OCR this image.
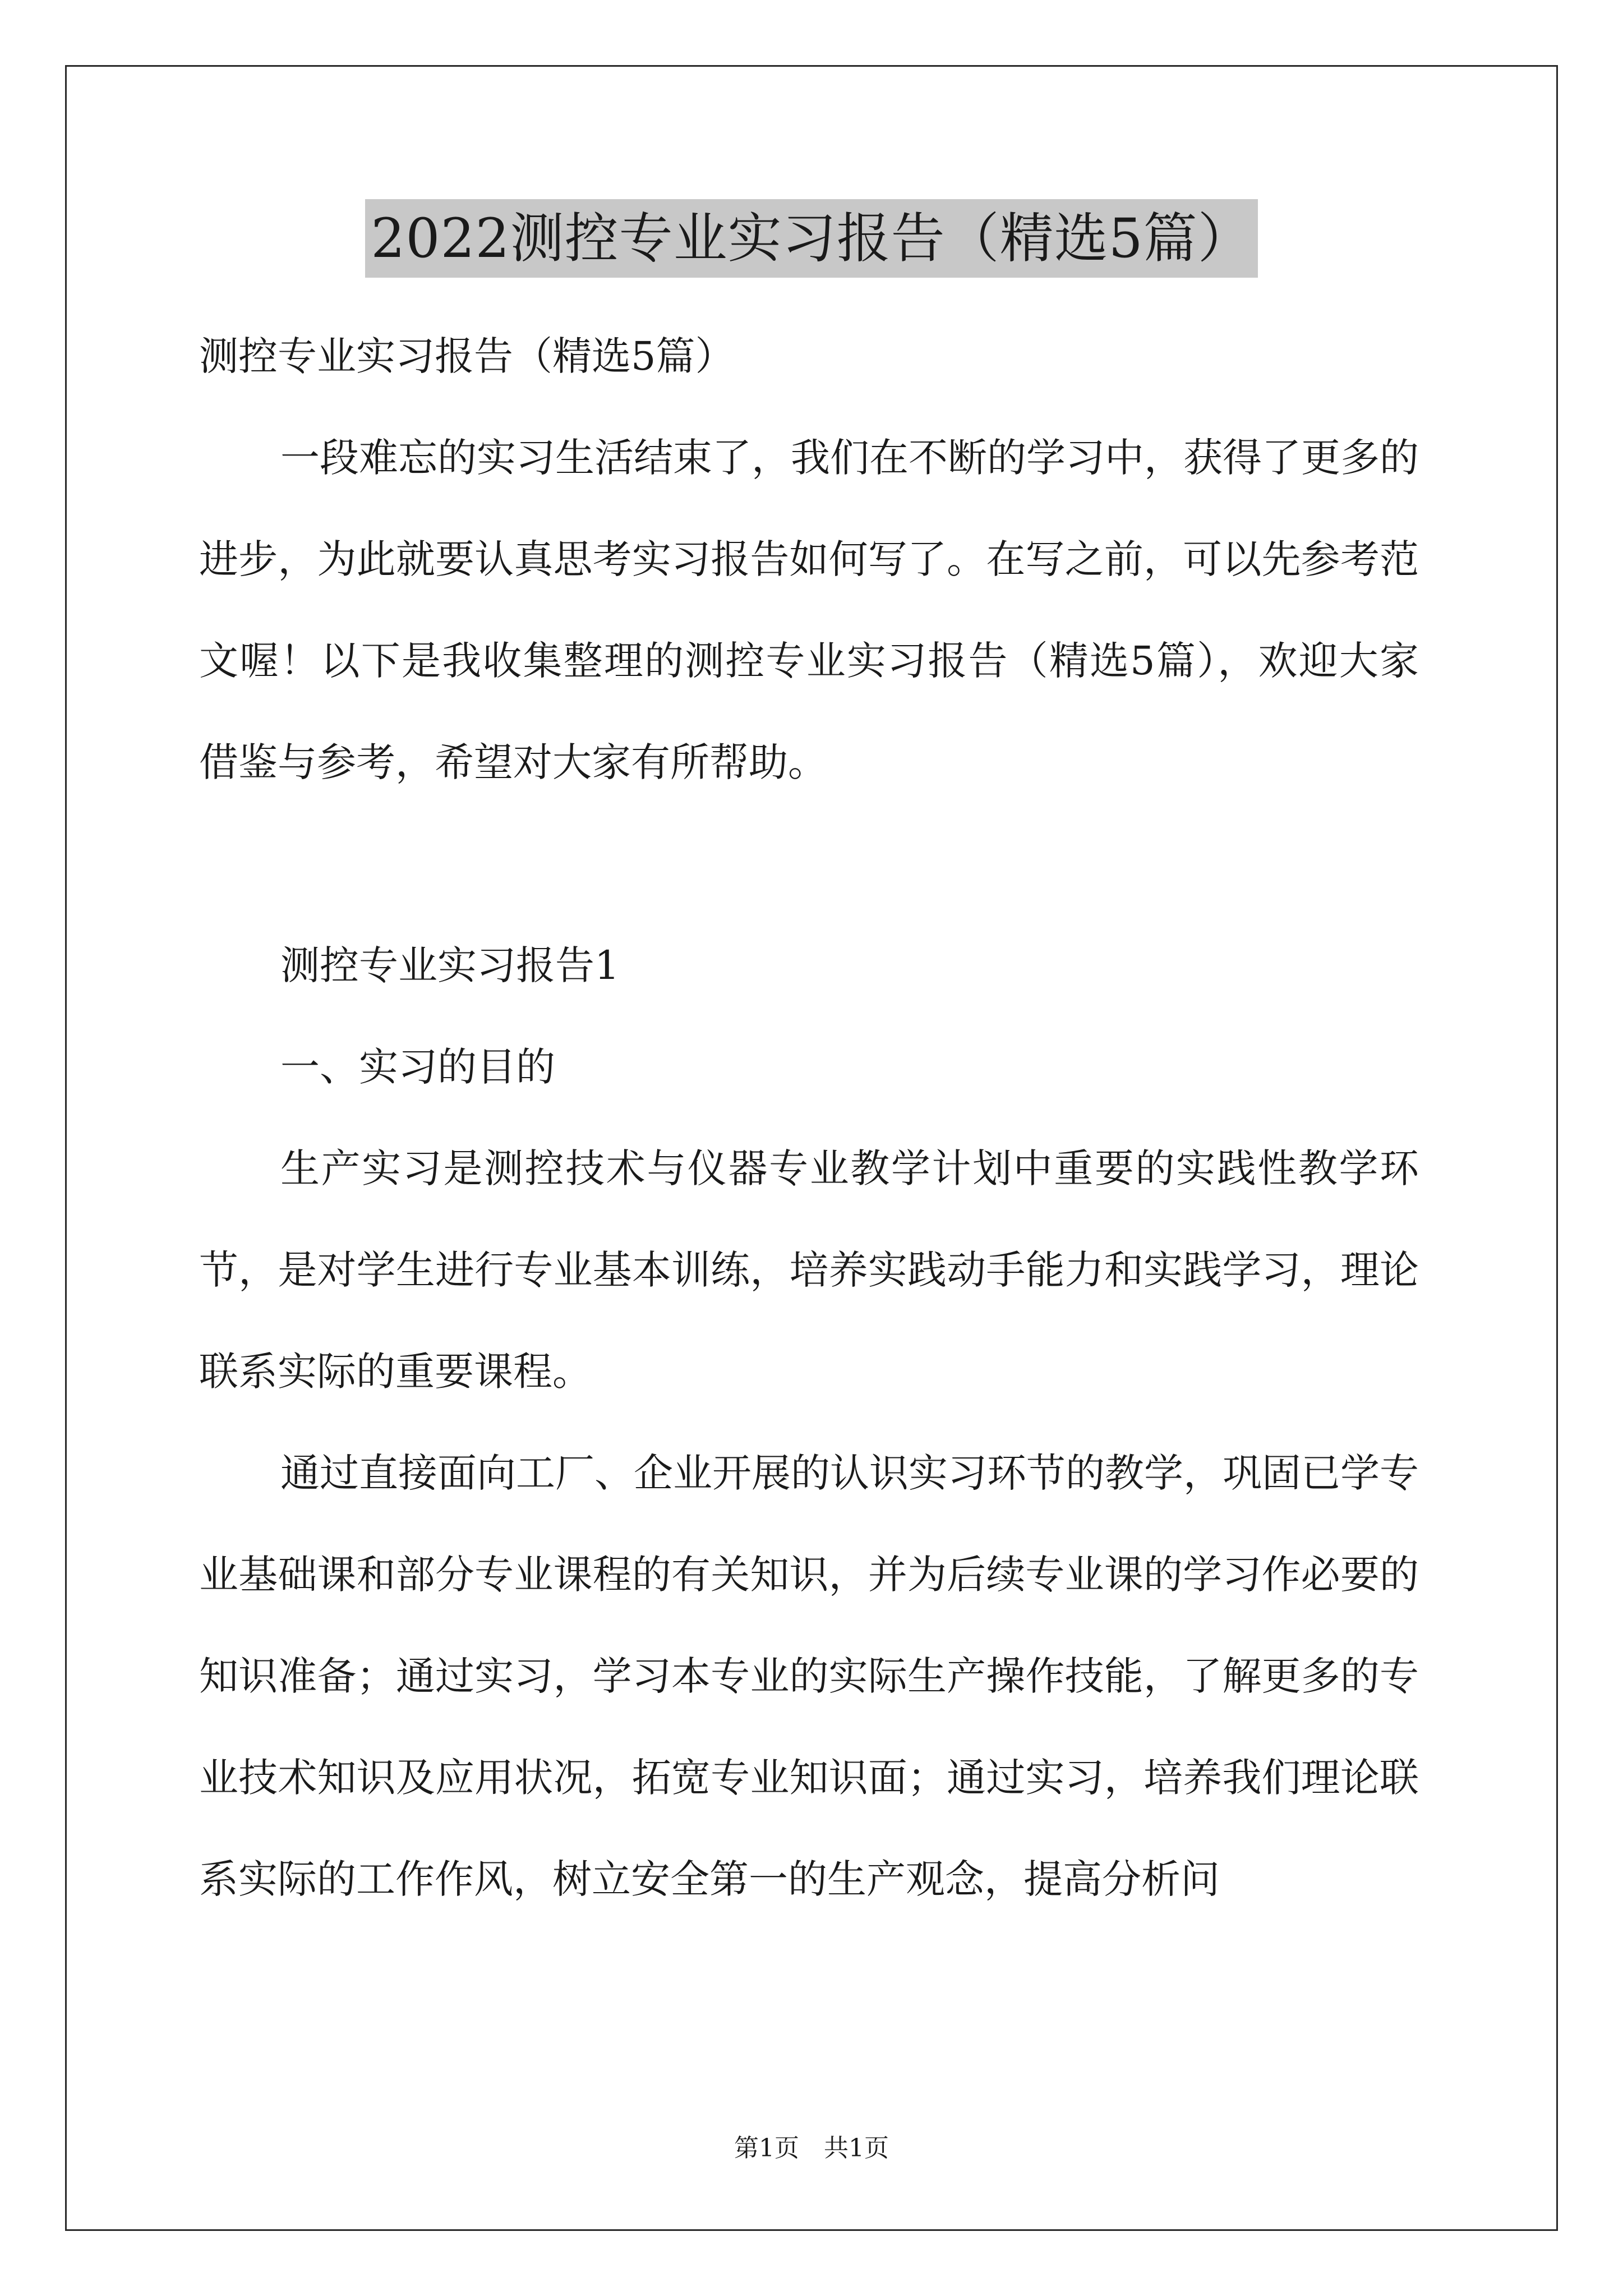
2022测控专业实习报告（精选5篇）

测控专业实习报告（精选5篇）

一段难忘的实习生活结束了，我们在不断的学习中，获得了更多的进步，为此就要认真思考实习报告如何写了。在写之前，可以先参考范文喔！以下是我收集整理的测控专业实习报告（精选5篇），欢迎大家借鉴与参考，希望对大家有所帮助。

测控专业实习报告1

一、实习的目的

生产实习是测控技术与仪器专业教学计划中重要的实践性教学环节，是对学生进行专业基本训练，培养实践动手能力和实践学习，理论联系实际的重要课程。

通过直接面向工厂、企业开展的认识实习环节的教学，巩固已学专业基础课和部分专业课程的有关知识，并为后续专业课的学习作必要的知识准备；通过实习，学习本专业的实际生产操作技能，了解更多的专业技术知识及应用状况，拓宽专业知识面；通过实习，培养我们理论联系实际的工作作风，树立安全第一的生产观念，提高分析问

第1页　共1页
